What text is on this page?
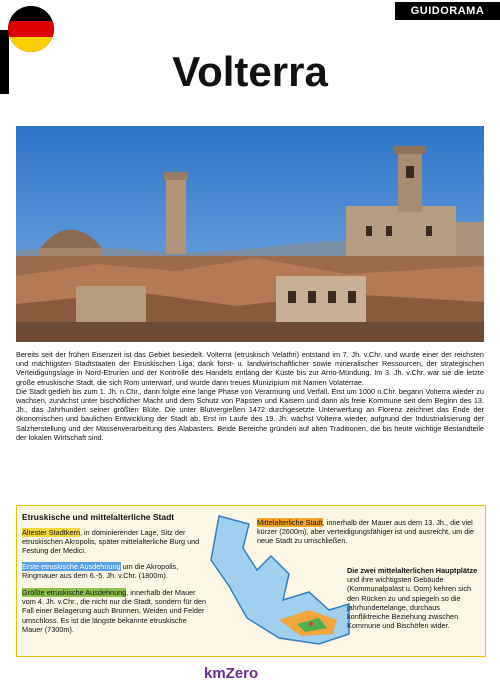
GUIDORAMA
Volterra

Bereits seit der frühen Eisenzeit ist das Gebiet besiedelt. Volterra (etruskisch Velathri) entstand im 7. Jh. v.Chr. und wurde einer der reichsten und mächtigsten Stadtstaaten der Etruskischen Liga, dank forst- u. landwirtschaftlicher sowie mineralischer Ressourcen, der strategischen Verteidigungslage in Nord-Etrurien und der Kontrolle des Handels entlang der Küste bis zur Arno-Mündung. Im 3. Jh. v.Chr. war sie die letzte große etruskische Stadt, die sich Rom unterwarf, und wurde dann treues Munizipium mit Namen Volaterrae.

Die Stadt gedieh bis zum 1. Jh. n.Chr., dann folgte eine lange Phase von Verarmung und Verfall. Erst um 1000 n.Chr. begann Volterra wieder zu wachsen, zunächst unter bischöflicher Macht und dem Schutz von Päpsten und Kaisern und dann als freie Kommune seit dem Beginn des 13. Jh., das Jahrhundert seiner größten Blüte. Die unter Blutvergießen 1472 durchgesetzte Unterwerfung an Florenz zeichnet das Ende der ökonomischen und baulichen Entwicklung der Stadt ab. Erst im Laufe des 19. Jh. wächst Volterra wieder, aufgrund der Industrialisierung der Salzherstellung und der Massenverarbeitung des Alabasters. Beide Bereiche gründen auf alten Traditionen, die bis heute wichtige Bestandteile der lokalen Wirtschaft sind.

Etruskische und mittelalterliche Stadt
Ältester Stadtkern, in dominierender Lage, Sitz der etruskischen Akropolis, später mittelalterliche Burg und Festung der Medici.
Erste etruskische Ausdehnung um die Akropolis, Ringmauer aus dem 6.-5. Jh. v.Chr. (1800m).
Größte etruskische Ausdehnung, innerhalb der Mauer vom 4. Jh. v.Chr., die nicht nur die Stadt, sondern für den Fall einer Belagerung auch Brunnen, Weiden und Felder umschloss. Es ist die längste bekannte etruskische Mauer (7300m).
Mittelalterliche Stadt, innerhalb der Mauer aus dem 13. Jh., die viel kürzer (2600m), aber verteidigungsfähiger ist und ausreicht, um die neue Stadt zu umschließen.
Die zwei mittelalterlichen Hauptplätze und ihre wichtigsten Gebäude (Kommunalpalast u. Dom) kehren sich den Rücken zu und spiegeln so die jahrhundertelange, durchaus konfliktreiche Beziehung zwischen Kommune und Bischöfen wider.
kmZero
